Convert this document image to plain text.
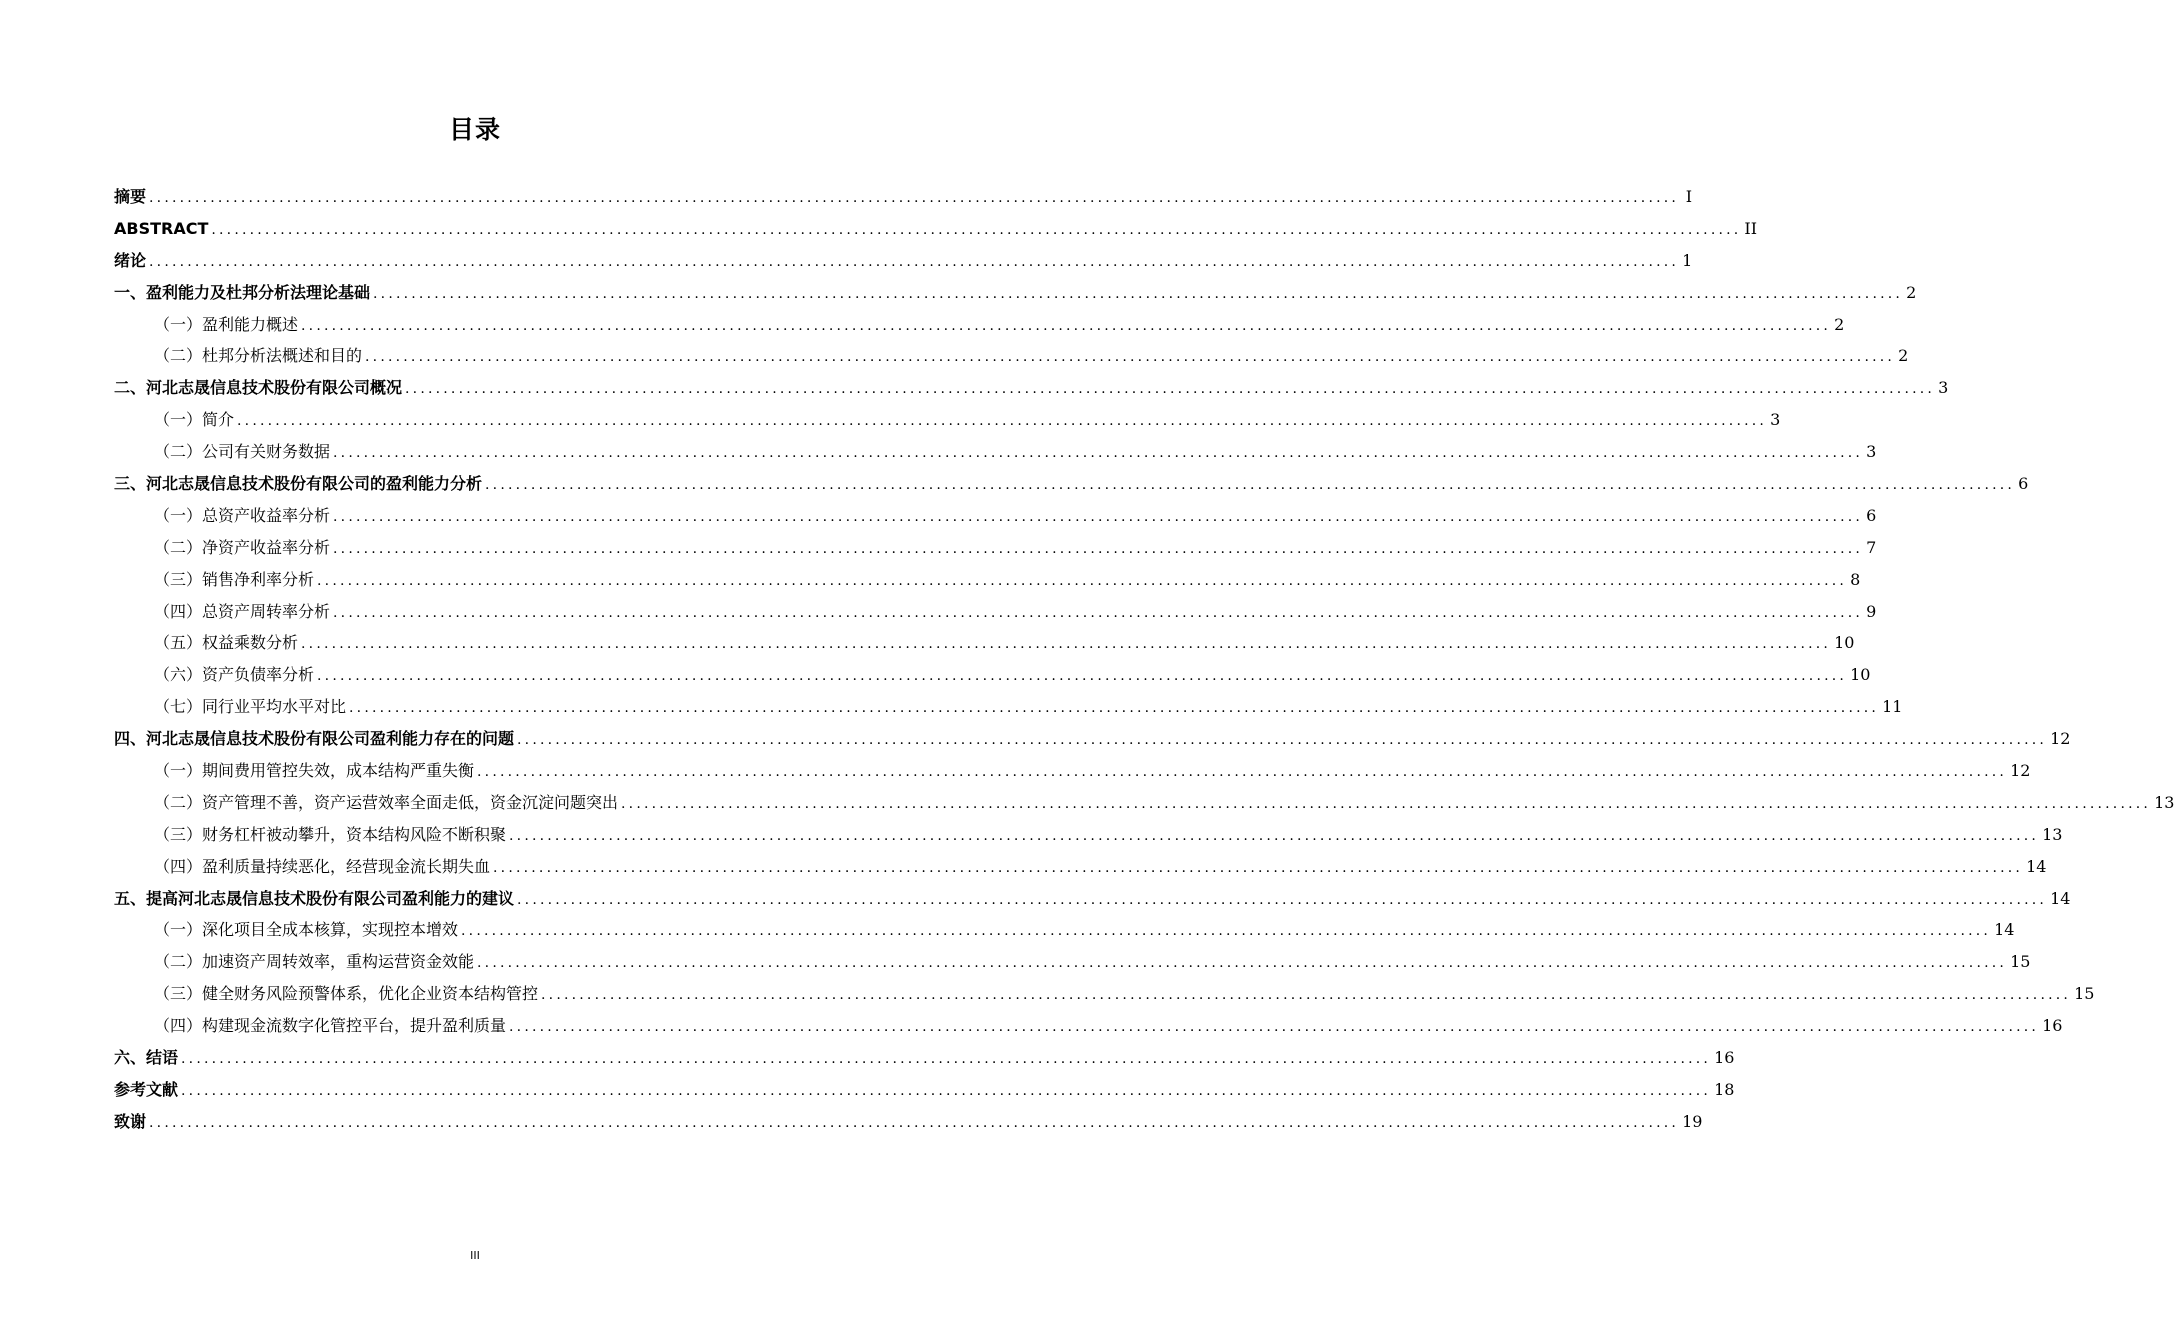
目录
摘要 ........................................................................................................................................................................................................ I
ABSTRACT ........................................................................................................................................................................................................ II
绪论 ........................................................................................................................................................................................................ 1
一、盈利能力及杜邦分析法理论基础 ........................................................................................................................................................................................................ 2
（一）盈利能力概述 ........................................................................................................................................................................................................ 2
（二）杜邦分析法概述和目的 ........................................................................................................................................................................................................ 2
二、河北志晟信息技术股份有限公司概况 ........................................................................................................................................................................................................ 3
（一）简介 ........................................................................................................................................................................................................ 3
（二）公司有关财务数据 ........................................................................................................................................................................................................ 3
三、河北志晟信息技术股份有限公司的盈利能力分析 ........................................................................................................................................................................................................ 6
（一）总资产收益率分析 ........................................................................................................................................................................................................ 6
（二）净资产收益率分析 ........................................................................................................................................................................................................ 7
（三）销售净利率分析 ........................................................................................................................................................................................................ 8
（四）总资产周转率分析 ........................................................................................................................................................................................................ 9
（五）权益乘数分析 ........................................................................................................................................................................................................ 10
（六）资产负债率分析 ........................................................................................................................................................................................................ 10
（七）同行业平均水平对比 ........................................................................................................................................................................................................ 11
四、河北志晟信息技术股份有限公司盈利能力存在的问题 ........................................................................................................................................................................................................ 12
（一）期间费用管控失效，成本结构严重失衡 ........................................................................................................................................................................................................ 12
（二）资产管理不善，资产运营效率全面走低，资金沉淀问题突出 ........................................................................................................................................................................................................ 13
（三）财务杠杆被动攀升，资本结构风险不断积聚 ........................................................................................................................................................................................................ 13
（四）盈利质量持续恶化，经营现金流长期失血 ........................................................................................................................................................................................................ 14
五、提高河北志晟信息技术股份有限公司盈利能力的建议 ........................................................................................................................................................................................................ 14
（一）深化项目全成本核算，实现控本增效 ........................................................................................................................................................................................................ 14
（二）加速资产周转效率，重构运营资金效能 ........................................................................................................................................................................................................ 15
（三）健全财务风险预警体系，优化企业资本结构管控 ........................................................................................................................................................................................................ 15
（四）构建现金流数字化管控平台，提升盈利质量 ........................................................................................................................................................................................................ 16
六、结语 ........................................................................................................................................................................................................ 16
参考文献 ........................................................................................................................................................................................................ 18
致谢 ........................................................................................................................................................................................................ 19
III
